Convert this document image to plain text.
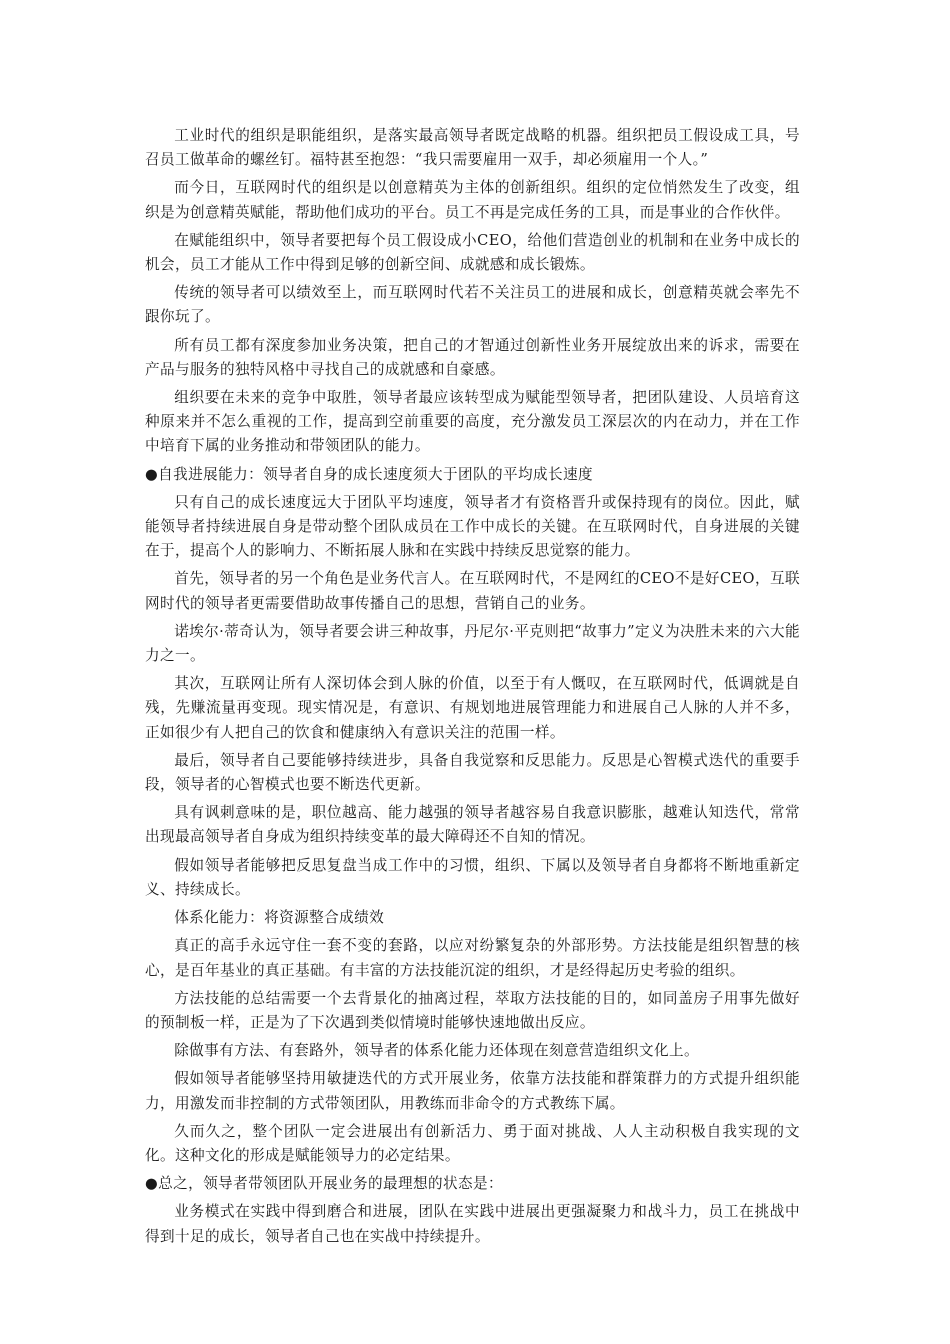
工业时代的组织是职能组织，是落实最高领导者既定战略的机器。组织把员工假设成工具，号召员工做革命的螺丝钉。福特甚至抱怨：“我只需要雇用一双手，却必须雇用一个人。”

而今日，互联网时代的组织是以创意精英为主体的创新组织。组织的定位悄然发生了改变，组织是为创意精英赋能，帮助他们成功的平台。员工不再是完成任务的工具，而是事业的合作伙伴。

在赋能组织中，领导者要把每个员工假设成小CEO，给他们营造创业的机制和在业务中成长的机会，员工才能从工作中得到足够的创新空间、成就感和成长锻炼。

传统的领导者可以绩效至上，而互联网时代若不关注员工的进展和成长，创意精英就会率先不跟你玩了。

所有员工都有深度参加业务决策，把自己的才智通过创新性业务开展绽放出来的诉求，需要在产品与服务的独特风格中寻找自己的成就感和自豪感。

组织要在未来的竞争中取胜，领导者最应该转型成为赋能型领导者，把团队建设、人员培育这种原来并不怎么重视的工作，提高到空前重要的高度，充分激发员工深层次的内在动力，并在工作中培育下属的业务推动和带领团队的能力。

●自我进展能力：领导者自身的成长速度须大于团队的平均成长速度

只有自己的成长速度远大于团队平均速度，领导者才有资格晋升或保持现有的岗位。因此，赋能领导者持续进展自身是带动整个团队成员在工作中成长的关键。在互联网时代，自身进展的关键在于，提高个人的影响力、不断拓展人脉和在实践中持续反思觉察的能力。

首先，领导者的另一个角色是业务代言人。在互联网时代，不是网红的CEO不是好CEO，互联网时代的领导者更需要借助故事传播自己的思想，营销自己的业务。

诺埃尔·蒂奇认为，领导者要会讲三种故事，丹尼尔·平克则把“故事力”定义为决胜未来的六大能力之一。

其次，互联网让所有人深切体会到人脉的价值，以至于有人慨叹，在互联网时代，低调就是自残，先赚流量再变现。现实情况是，有意识、有规划地进展管理能力和进展自己人脉的人并不多，正如很少有人把自己的饮食和健康纳入有意识关注的范围一样。

最后，领导者自己要能够持续进步，具备自我觉察和反思能力。反思是心智模式迭代的重要手段，领导者的心智模式也要不断迭代更新。

具有讽刺意味的是，职位越高、能力越强的领导者越容易自我意识膨胀，越难认知迭代，常常出现最高领导者自身成为组织持续变革的最大障碍还不自知的情况。

假如领导者能够把反思复盘当成工作中的习惯，组织、下属以及领导者自身都将不断地重新定义、持续成长。

体系化能力：将资源整合成绩效

真正的高手永远守住一套不变的套路，以应对纷繁复杂的外部形势。方法技能是组织智慧的核心，是百年基业的真正基础。有丰富的方法技能沉淀的组织，才是经得起历史考验的组织。

方法技能的总结需要一个去背景化的抽离过程，萃取方法技能的目的，如同盖房子用事先做好的预制板一样，正是为了下次遇到类似情境时能够快速地做出反应。

除做事有方法、有套路外，领导者的体系化能力还体现在刻意营造组织文化上。

假如领导者能够坚持用敏捷迭代的方式开展业务，依靠方法技能和群策群力的方式提升组织能力，用激发而非控制的方式带领团队，用教练而非命令的方式教练下属。

久而久之，整个团队一定会进展出有创新活力、勇于面对挑战、人人主动积极自我实现的文化。这种文化的形成是赋能领导力的必定结果。

●总之，领导者带领团队开展业务的最理想的状态是：

业务模式在实践中得到磨合和进展，团队在实践中进展出更强凝聚力和战斗力，员工在挑战中得到十足的成长，领导者自己也在实战中持续提升。
